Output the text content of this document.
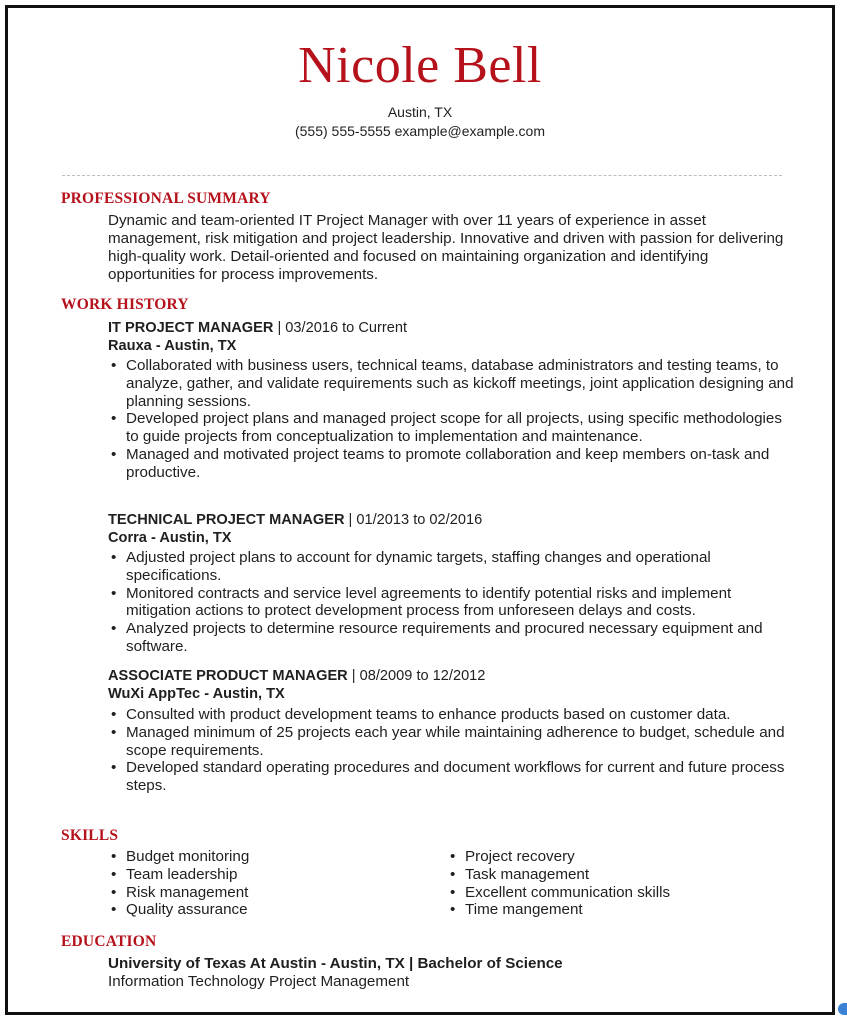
Nicole Bell
Austin, TX
(555) 555-5555 example@example.com
PROFESSIONAL SUMMARY

Dynamic and team-oriented IT Project Manager with over 11 years of experience in asset management, risk mitigation and project leadership. Innovative and driven with passion for delivering high-quality work. Detail-oriented and focused on maintaining organization and identifying opportunities for process improvements.

WORK HISTORY
IT PROJECT MANAGER | 03/2016 to Current
Rauxa - Austin, TX
• Collaborated with business users, technical teams, database administrators and testing teams, to analyze, gather, and validate requirements such as kickoff meetings, joint application designing and planning sessions.
• Developed project plans and managed project scope for all projects, using specific methodologies to guide projects from conceptualization to implementation and maintenance.
• Managed and motivated project teams to promote collaboration and keep members on-task and productive.
TECHNICAL PROJECT MANAGER | 01/2013 to 02/2016
Corra - Austin, TX
• Adjusted project plans to account for dynamic targets, staffing changes and operational specifications.
• Monitored contracts and service level agreements to identify potential risks and implement mitigation actions to protect development process from unforeseen delays and costs.
• Analyzed projects to determine resource requirements and procured necessary equipment and software.
ASSOCIATE PRODUCT MANAGER | 08/2009 to 12/2012
WuXi AppTec - Austin, TX
• Consulted with product development teams to enhance products based on customer data.
• Managed minimum of 25 projects each year while maintaining adherence to budget, schedule and scope requirements.
• Developed standard operating procedures and document workflows for current and future process steps.
SKILLS
• Budget monitoring
• Team leadership
• Risk management
• Quality assurance
• Project recovery
• Task management
• Excellent communication skills
• Time mangement
EDUCATION
University of Texas At Austin - Austin, TX | Bachelor of Science
Information Technology Project Management
